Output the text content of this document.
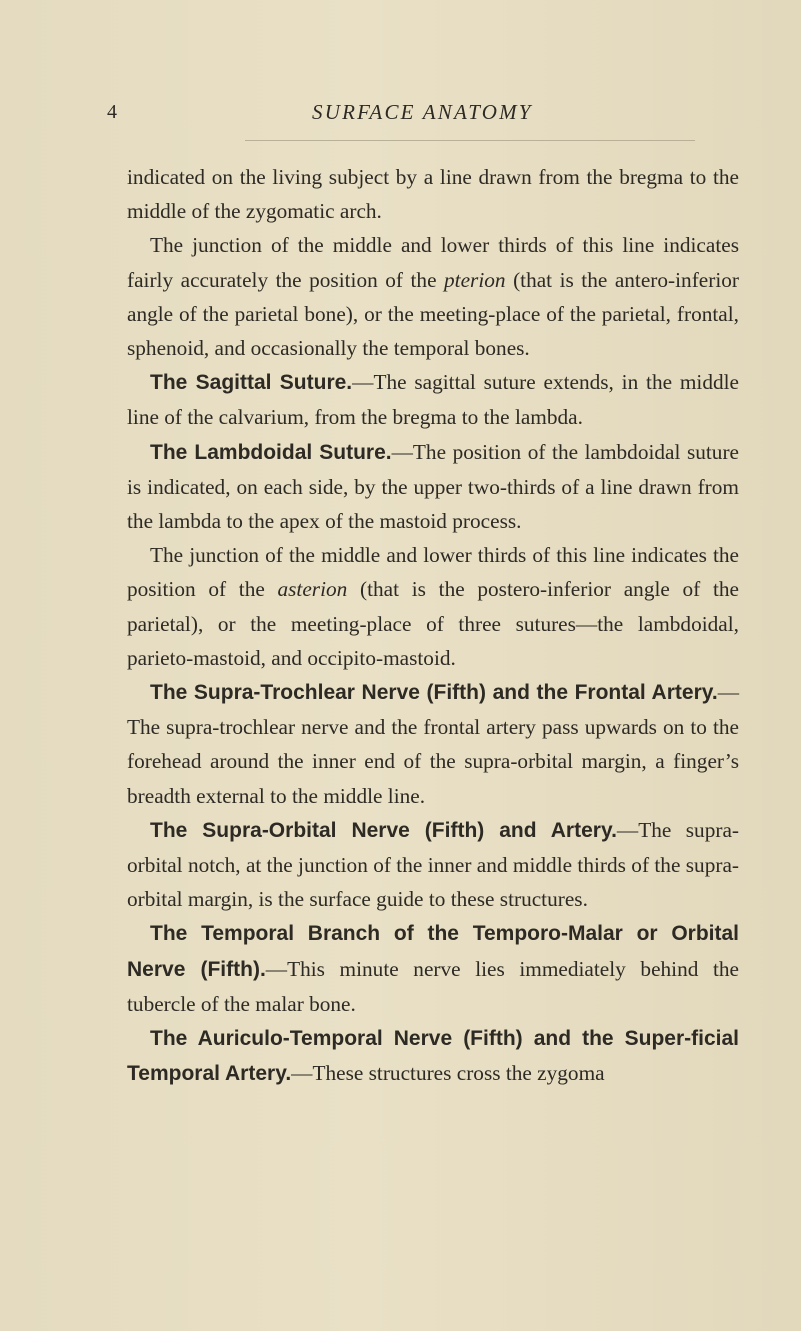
4	SURFACE ANATOMY

indicated on the living subject by a line drawn from the bregma to the middle of the zygomatic arch.

The junction of the middle and lower thirds of this line indicates fairly accurately the position of the pterion (that is the antero-inferior angle of the parietal bone), or the meeting-place of the parietal, frontal, sphenoid, and occasionally the temporal bones.

The Sagittal Suture.—The sagittal suture extends, in the middle line of the calvarium, from the bregma to the lambda.

The Lambdoidal Suture.—The position of the lambdoidal suture is indicated, on each side, by the upper two-thirds of a line drawn from the lambda to the apex of the mastoid process.

The junction of the middle and lower thirds of this line indicates the position of the asterion (that is the postero-inferior angle of the parietal), or the meeting-place of three sutures—the lambdoidal, parieto-mastoid, and occipito-mastoid.

The Supra-Trochlear Nerve (Fifth) and the Frontal Artery.—The supra-trochlear nerve and the frontal artery pass upwards on to the forehead around the inner end of the supra-orbital margin, a finger’s breadth external to the middle line.

The Supra-Orbital Nerve (Fifth) and Artery.—The supra-orbital notch, at the junction of the inner and middle thirds of the supra-orbital margin, is the surface guide to these structures.

The Temporal Branch of the Temporo-Malar or Orbital Nerve (Fifth).—This minute nerve lies immediately behind the tubercle of the malar bone.

The Auriculo-Temporal Nerve (Fifth) and the Super-ficial Temporal Artery.—These structures cross the zygoma
